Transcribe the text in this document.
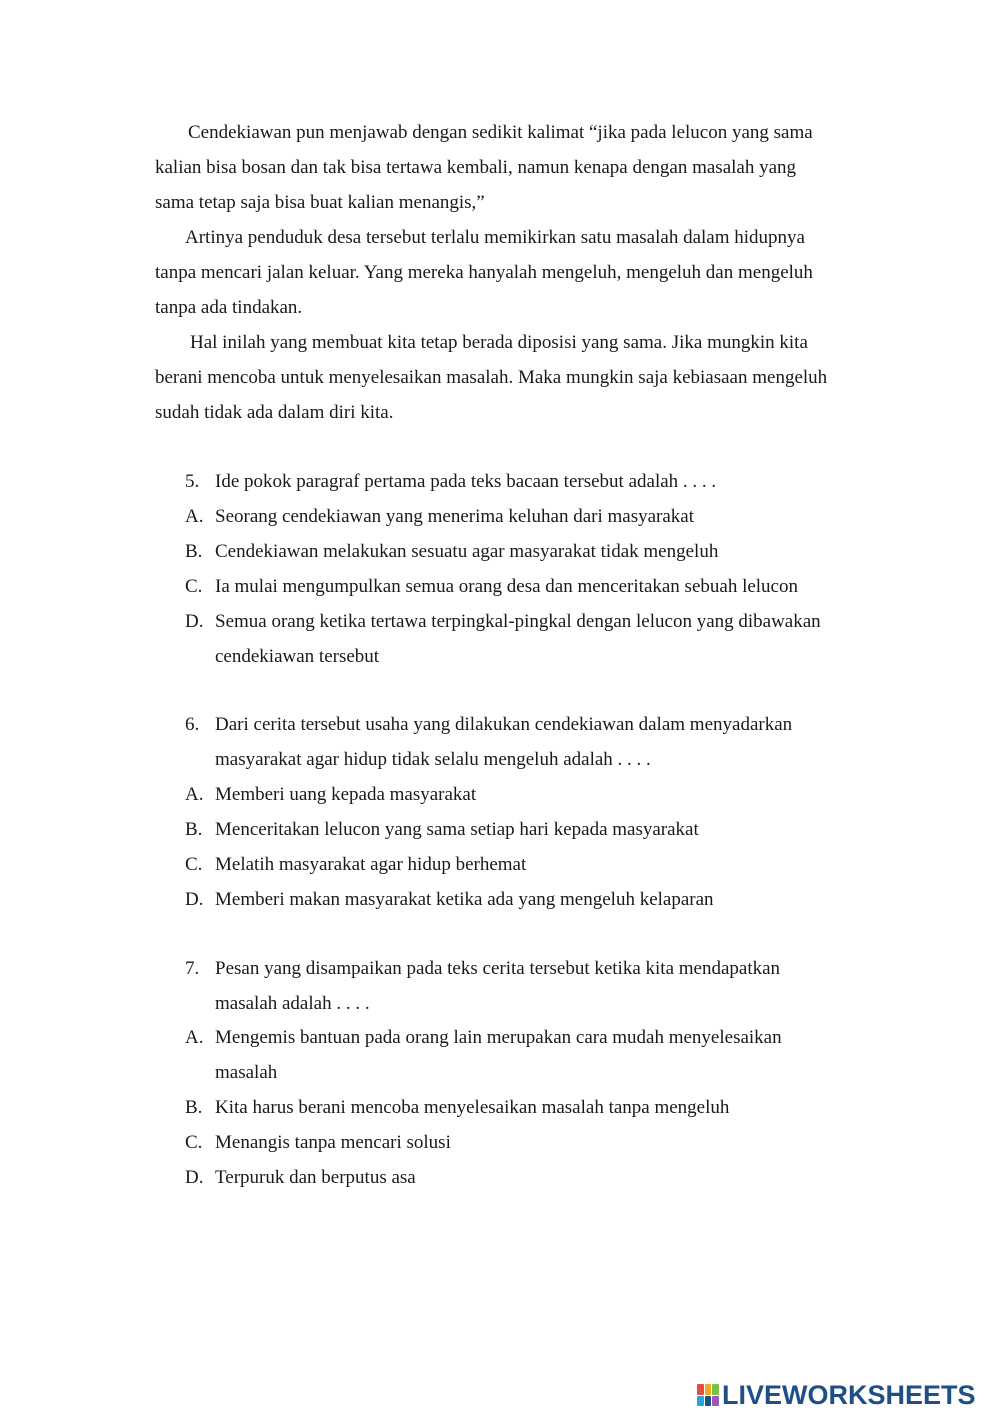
Cendekiawan pun menjawab dengan sedikit kalimat “jika pada lelucon yang sama
kalian bisa bosan dan tak bisa tertawa kembali, namun kenapa dengan masalah yang
sama tetap saja bisa buat kalian menangis,”
Artinya penduduk desa tersebut terlalu memikirkan satu masalah dalam hidupnya
tanpa mencari jalan keluar. Yang mereka hanyalah mengeluh, mengeluh dan mengeluh
tanpa ada tindakan.
Hal inilah yang membuat kita tetap berada diposisi yang sama. Jika mungkin kita
berani mencoba untuk menyelesaikan masalah. Maka mungkin saja kebiasaan mengeluh
sudah tidak ada dalam diri kita.
5. Ide pokok paragraf pertama pada teks bacaan tersebut adalah . . . .
A. Seorang cendekiawan yang menerima keluhan dari masyarakat
B. Cendekiawan melakukan sesuatu agar masyarakat tidak mengeluh
C. Ia mulai mengumpulkan semua orang desa dan menceritakan sebuah lelucon
D. Semua orang ketika tertawa terpingkal-pingkal dengan lelucon yang dibawakan
cendekiawan tersebut
6. Dari cerita tersebut usaha yang dilakukan cendekiawan dalam menyadarkan
masyarakat agar hidup tidak selalu mengeluh adalah . . . .
A. Memberi uang kepada masyarakat
B. Menceritakan lelucon yang sama setiap hari kepada masyarakat
C. Melatih masyarakat agar hidup berhemat
D. Memberi makan masyarakat ketika ada yang mengeluh kelaparan
7. Pesan yang disampaikan pada teks cerita tersebut ketika kita mendapatkan
masalah adalah . . . .
A. Mengemis bantuan pada orang lain merupakan cara mudah menyelesaikan
masalah
B. Kita harus berani mencoba menyelesaikan masalah tanpa mengeluh
C. Menangis tanpa mencari solusi
D. Terpuruk dan berputus asa
LIVEWORKSHEETS
